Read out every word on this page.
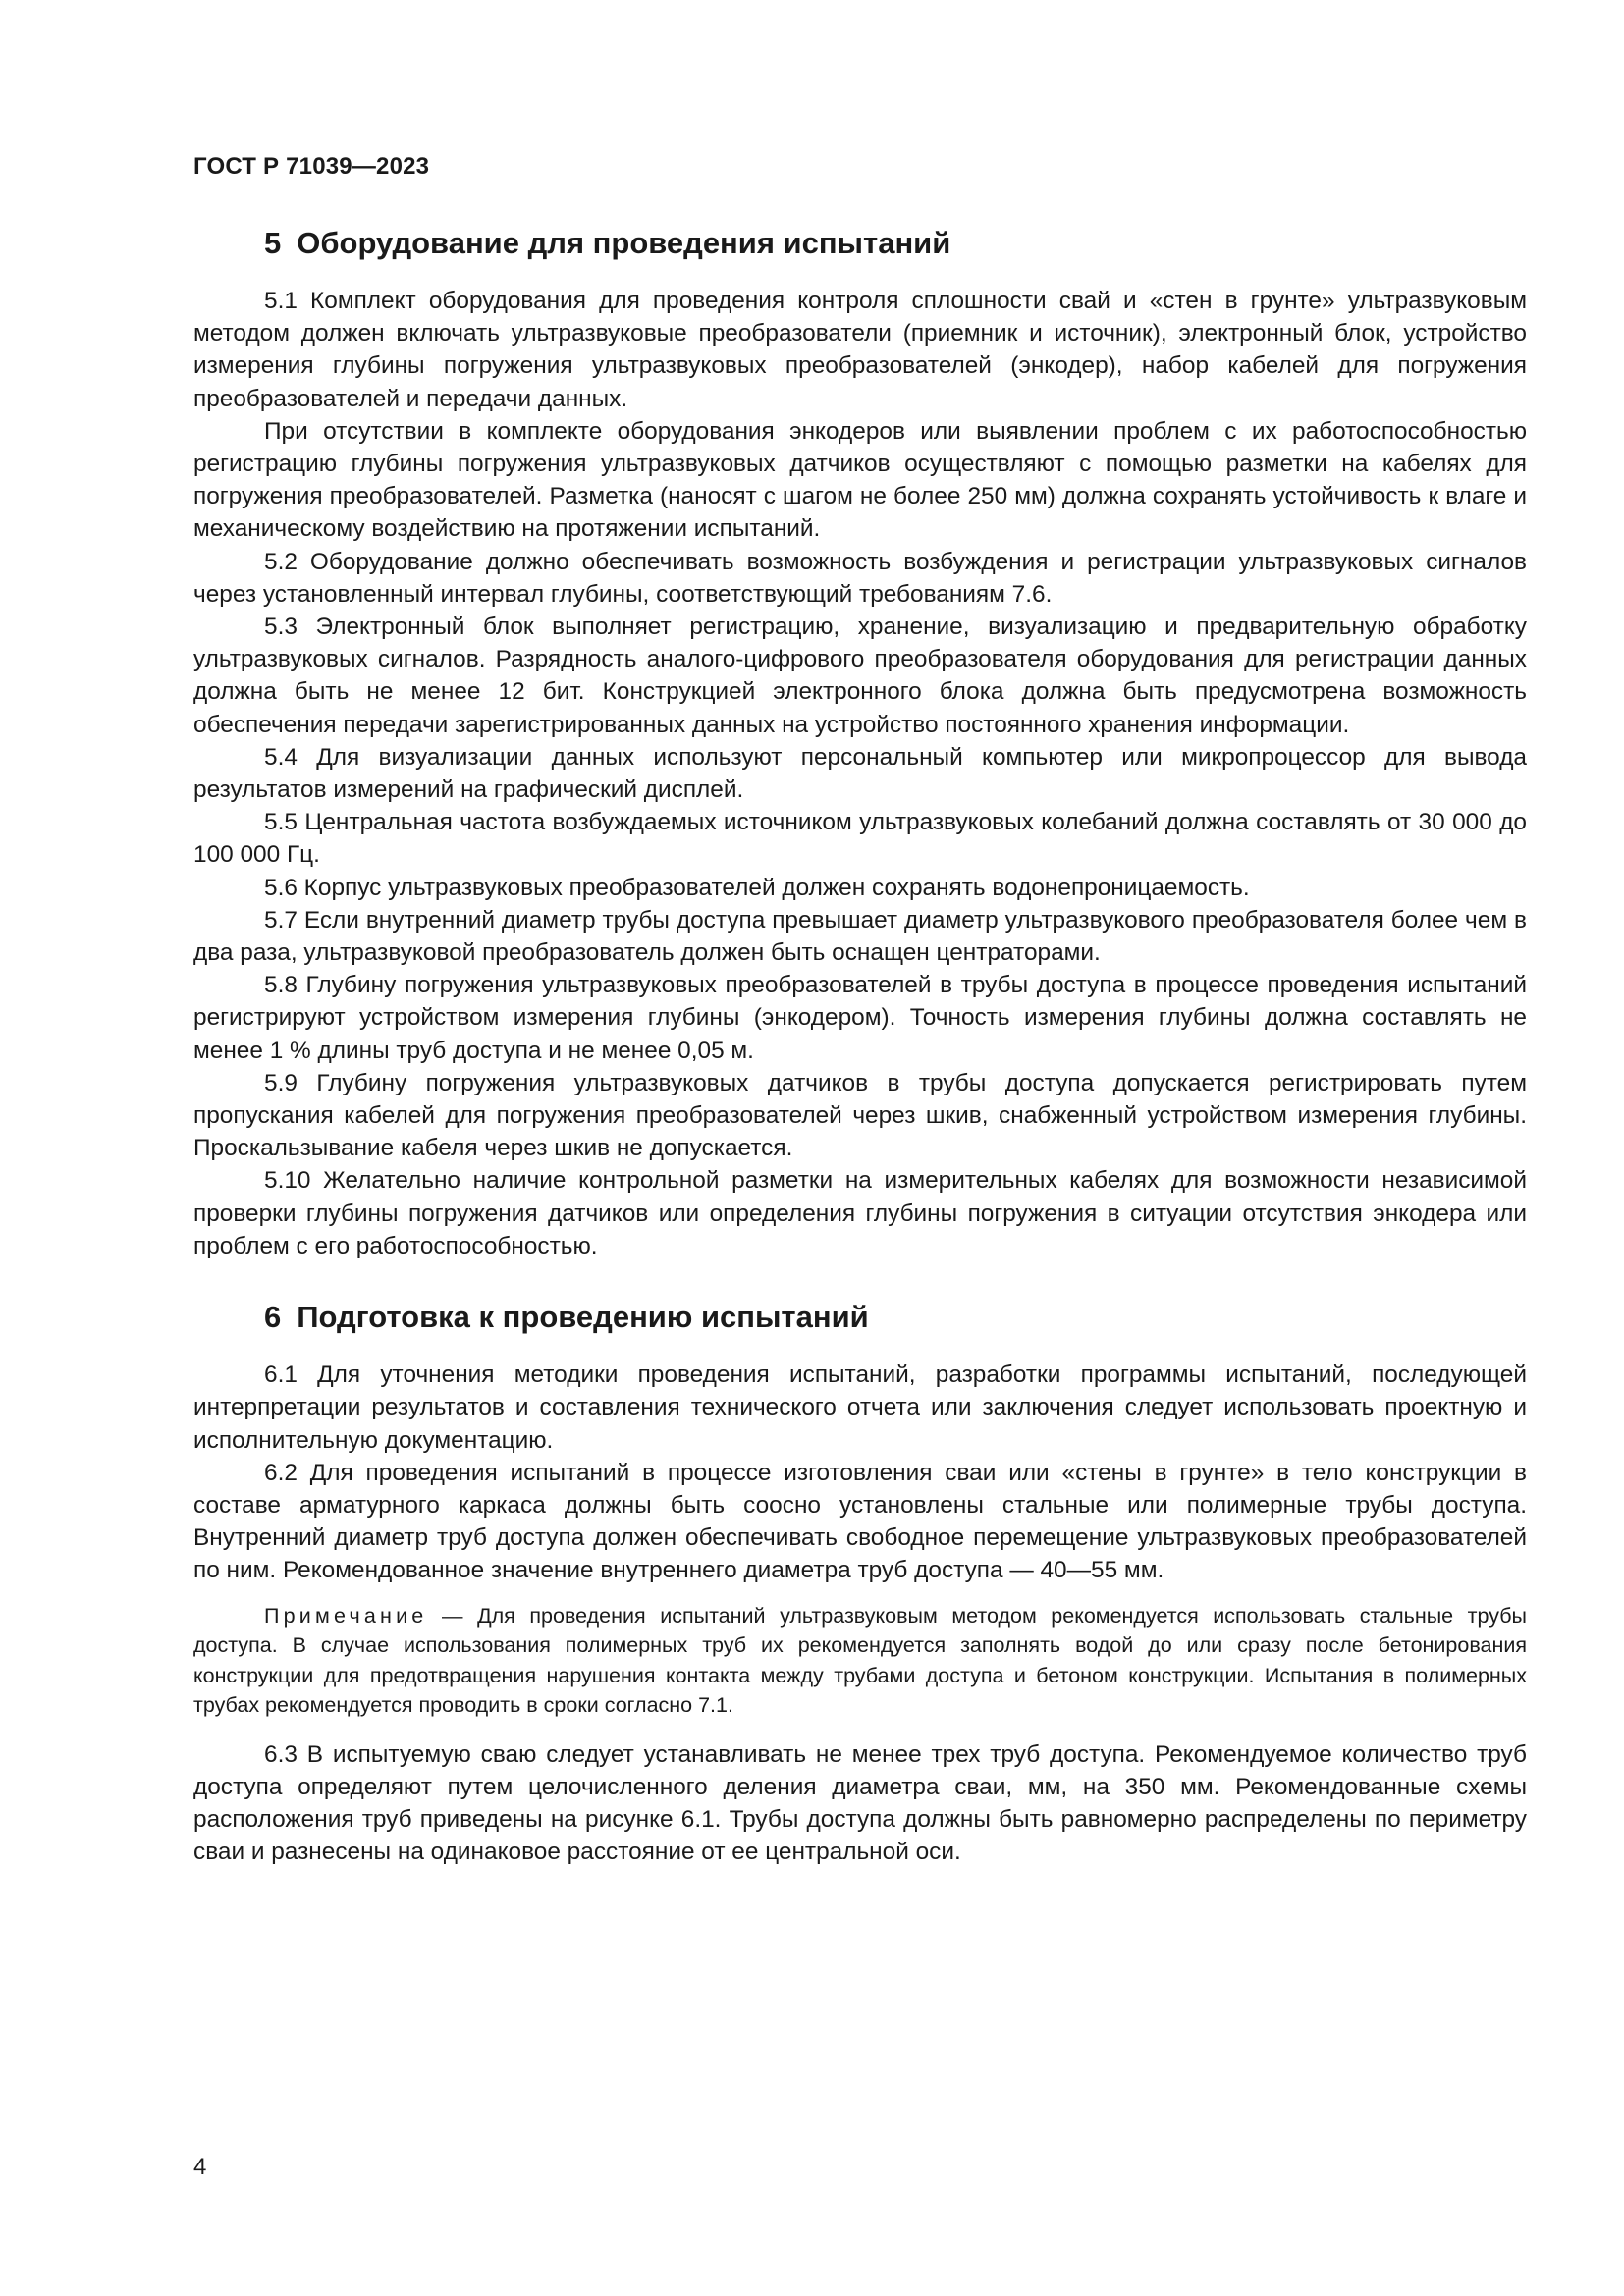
ГОСТ Р 71039—2023
5 Оборудование для проведения испытаний

5.1 Комплект оборудования для проведения контроля сплошности свай и «стен в грунте» ультразвуковым методом должен включать ультразвуковые преобразователи (приемник и источник), электронный блок, устройство измерения глубины погружения ультразвуковых преобразователей (энкодер), набор кабелей для погружения преобразователей и передачи данных.

При отсутствии в комплекте оборудования энкодеров или выявлении проблем с их работоспособностью регистрацию глубины погружения ультразвуковых датчиков осуществляют с помощью разметки на кабелях для погружения преобразователей. Разметка (наносят с шагом не более 250 мм) должна сохранять устойчивость к влаге и механическому воздействию на протяжении испытаний.

5.2 Оборудование должно обеспечивать возможность возбуждения и регистрации ультразвуковых сигналов через установленный интервал глубины, соответствующий требованиям 7.6.

5.3 Электронный блок выполняет регистрацию, хранение, визуализацию и предварительную обработку ультразвуковых сигналов. Разрядность аналого-цифрового преобразователя оборудования для регистрации данных должна быть не менее 12 бит. Конструкцией электронного блока должна быть предусмотрена возможность обеспечения передачи зарегистрированных данных на устройство постоянного хранения информации.

5.4 Для визуализации данных используют персональный компьютер или микропроцессор для вывода результатов измерений на графический дисплей.

5.5 Центральная частота возбуждаемых источником ультразвуковых колебаний должна составлять от 30 000 до 100 000 Гц.

5.6 Корпус ультразвуковых преобразователей должен сохранять водонепроницаемость.

5.7 Если внутренний диаметр трубы доступа превышает диаметр ультразвукового преобразователя более чем в два раза, ультразвуковой преобразователь должен быть оснащен центраторами.

5.8 Глубину погружения ультразвуковых преобразователей в трубы доступа в процессе проведения испытаний регистрируют устройством измерения глубины (энкодером). Точность измерения глубины должна составлять не менее 1 % длины труб доступа и не менее 0,05 м.

5.9 Глубину погружения ультразвуковых датчиков в трубы доступа допускается регистрировать путем пропускания кабелей для погружения преобразователей через шкив, снабженный устройством измерения глубины. Проскальзывание кабеля через шкив не допускается.

5.10 Желательно наличие контрольной разметки на измерительных кабелях для возможности независимой проверки глубины погружения датчиков или определения глубины погружения в ситуации отсутствия энкодера или проблем с его работоспособностью.

6 Подготовка к проведению испытаний

6.1 Для уточнения методики проведения испытаний, разработки программы испытаний, последующей интерпретации результатов и составления технического отчета или заключения следует использовать проектную и исполнительную документацию.

6.2 Для проведения испытаний в процессе изготовления сваи или «стены в грунте» в тело конструкции в составе арматурного каркаса должны быть соосно установлены стальные или полимерные трубы доступа. Внутренний диаметр труб доступа должен обеспечивать свободное перемещение ультразвуковых преобразователей по ним. Рекомендованное значение внутреннего диаметра труб доступа — 40—55 мм.

Примечание — Для проведения испытаний ультразвуковым методом рекомендуется использовать стальные трубы доступа. В случае использования полимерных труб их рекомендуется заполнять водой до или сразу после бетонирования конструкции для предотвращения нарушения контакта между трубами доступа и бетоном конструкции. Испытания в полимерных трубах рекомендуется проводить в сроки согласно 7.1.

6.3 В испытуемую сваю следует устанавливать не менее трех труб доступа. Рекомендуемое количество труб доступа определяют путем целочисленного деления диаметра сваи, мм, на 350 мм. Рекомендованные схемы расположения труб приведены на рисунке 6.1. Трубы доступа должны быть равномерно распределены по периметру сваи и разнесены на одинаковое расстояние от ее центральной оси.

4
